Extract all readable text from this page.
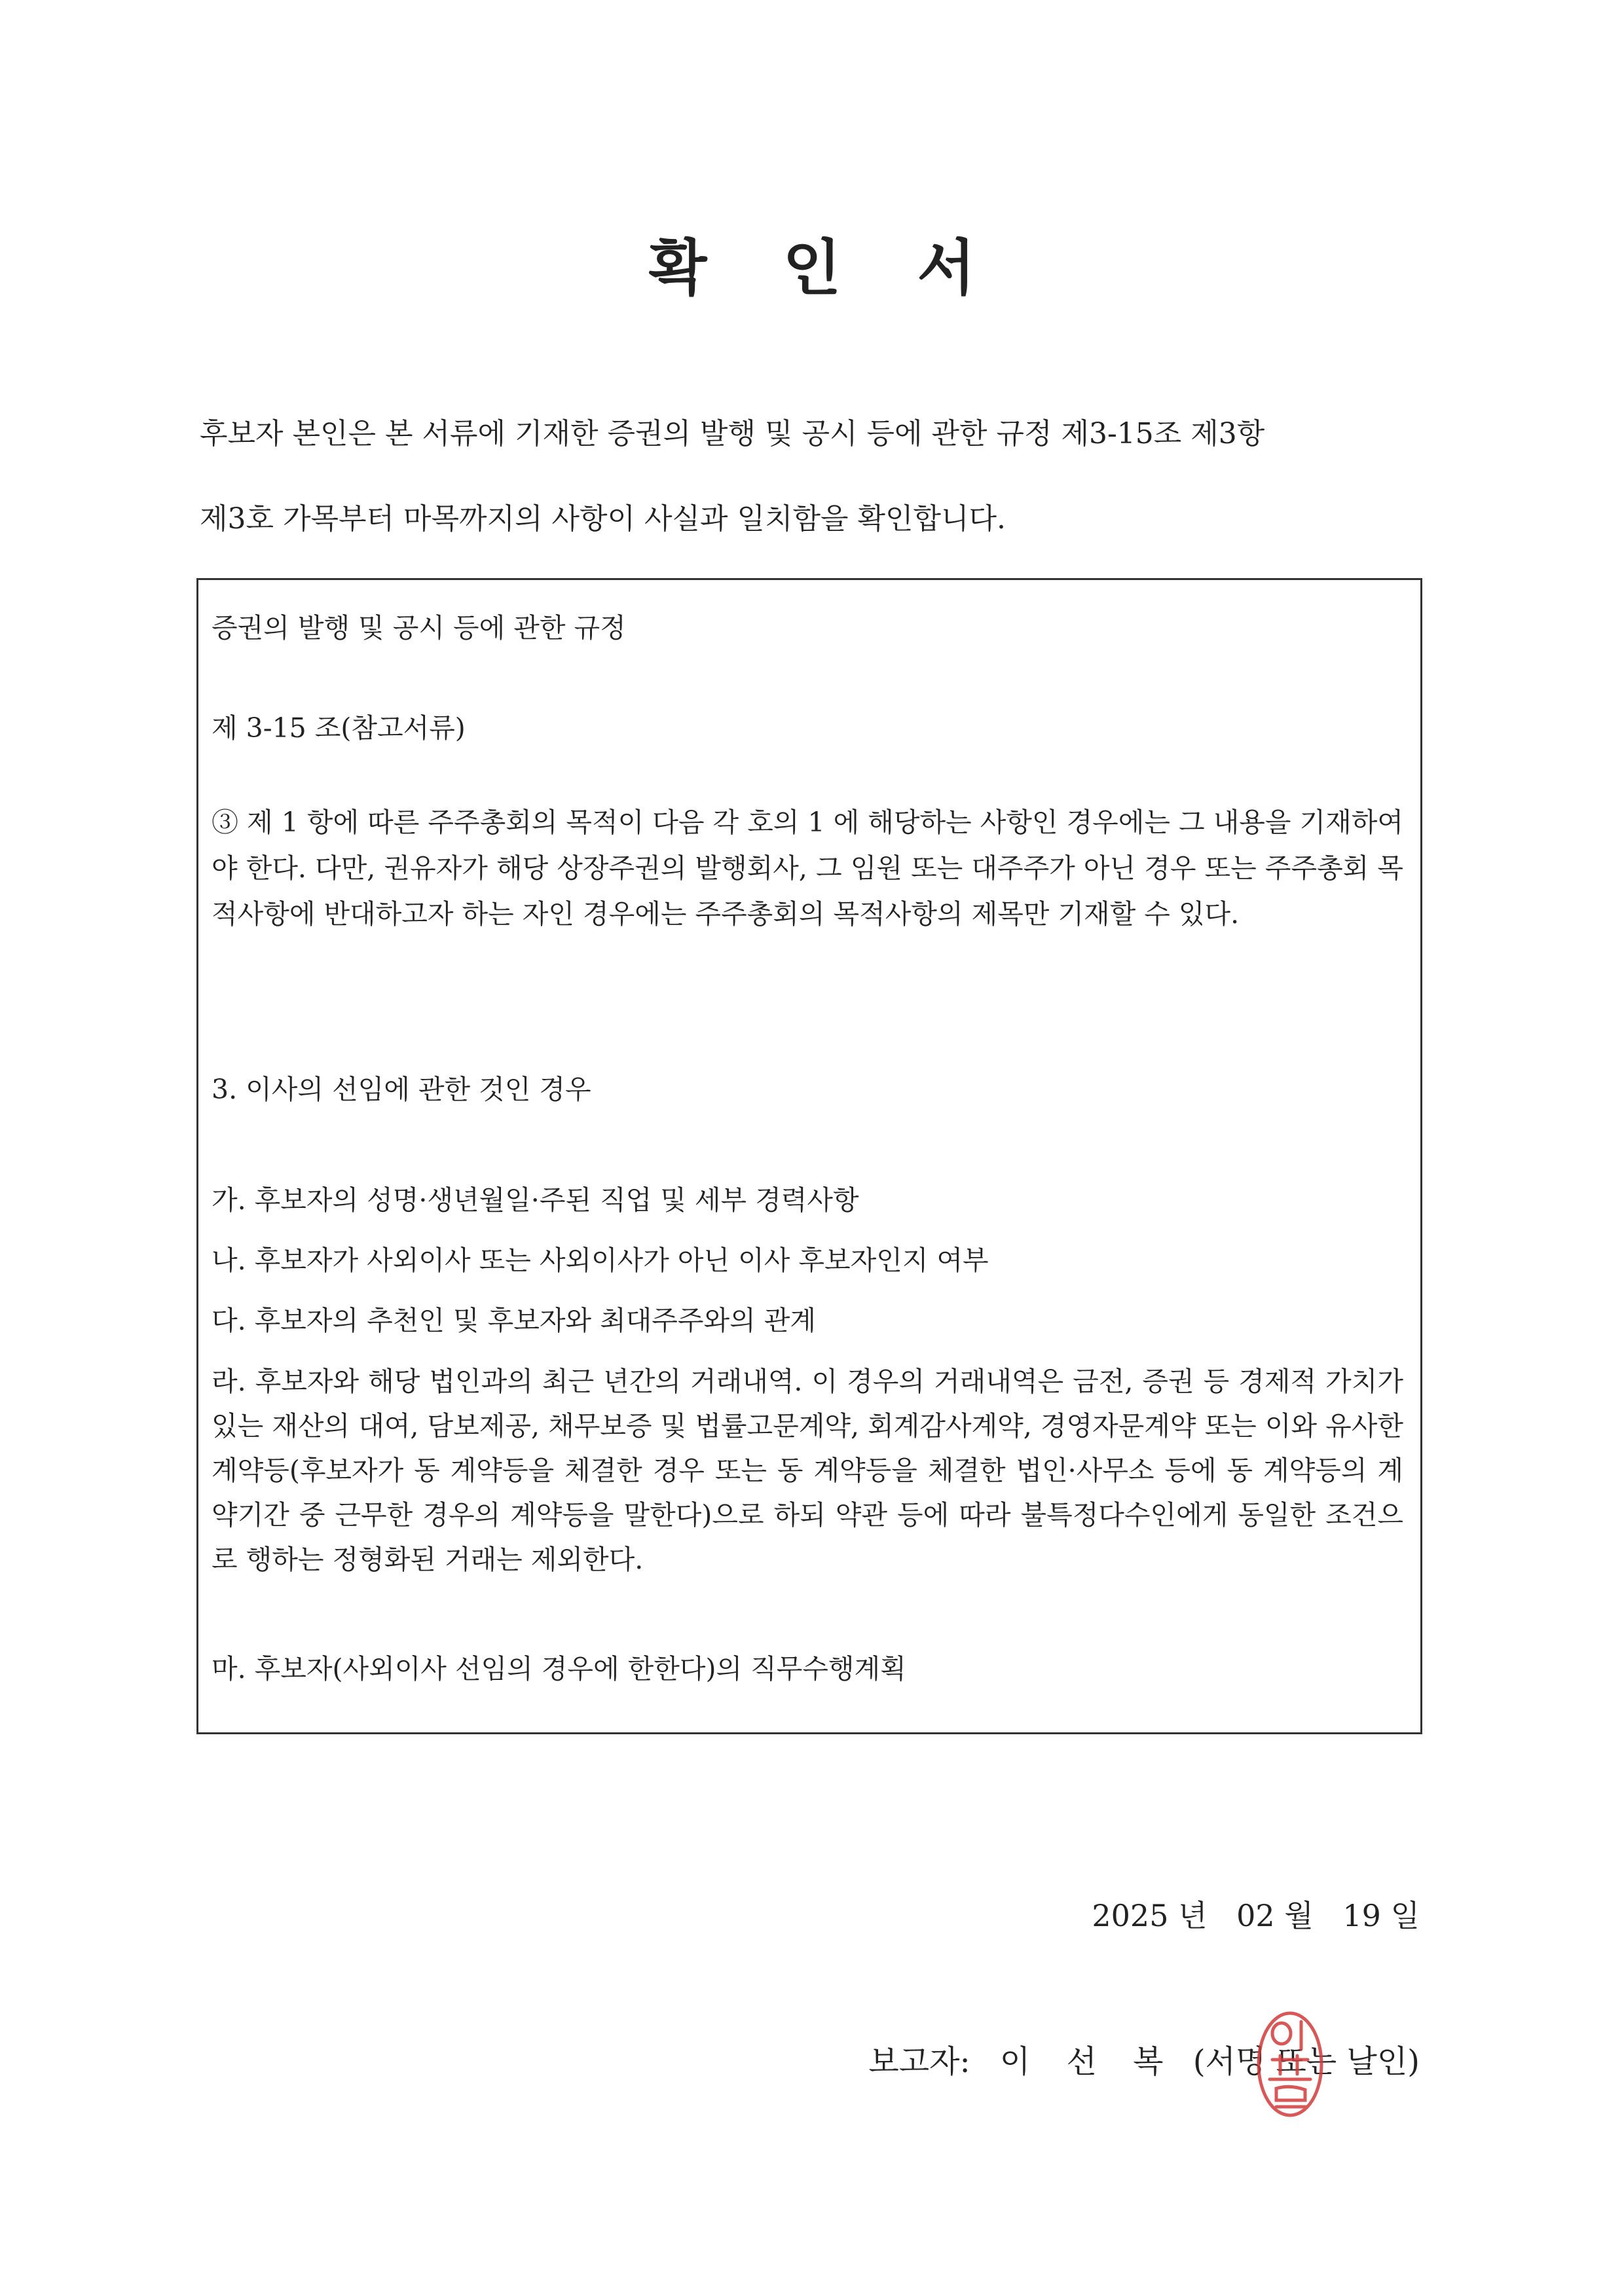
확 인 서

후보자 본인은 본 서류에 기재한 증권의 발행 및 공시 등에 관한 규정 제3-15조 제3항

제3호 가목부터 마목까지의 사항이 사실과 일치함을 확인합니다.

증권의 발행 및 공시 등에 관한 규정

제 3-15 조(참고서류)

③ 제 1 항에 따른 주주총회의 목적이 다음 각 호의 1 에 해당하는 사항인 경우에는 그 내용을 기재하여야 한다. 다만, 권유자가 해당 상장주권의 발행회사, 그 임원 또는 대주주가 아닌 경우 또는 주주총회 목적사항에 반대하고자 하는 자인 경우에는 주주총회의 목적사항의 제목만 기재할 수 있다.

3. 이사의 선임에 관한 것인 경우

가. 후보자의 성명·생년월일·주된 직업 및 세부 경력사항

나. 후보자가 사외이사 또는 사외이사가 아닌 이사 후보자인지 여부

다. 후보자의 추천인 및 후보자와 최대주주와의 관계

라. 후보자와 해당 법인과의 최근 년간의 거래내역. 이 경우의 거래내역은 금전, 증권 등 경제적 가치가 있는 재산의 대여, 담보제공, 채무보증 및 법률고문계약, 회계감사계약, 경영자문계약 또는 이와 유사한 계약등(후보자가 동 계약등을 체결한 경우 또는 동 계약등을 체결한 법인·사무소 등에 동 계약등의 계약기간 중 근무한 경우의 계약등을 말한다)으로 하되 약관 등에 따라 불특정다수인에게 동일한 조건으로 행하는 정형화된 거래는 제외한다.

마. 후보자(사외이사 선임의 경우에 한한다)의 직무수행계획

2025 년 02 월 19 일

보고자: 이 선 복 (서명 또는 날인)
